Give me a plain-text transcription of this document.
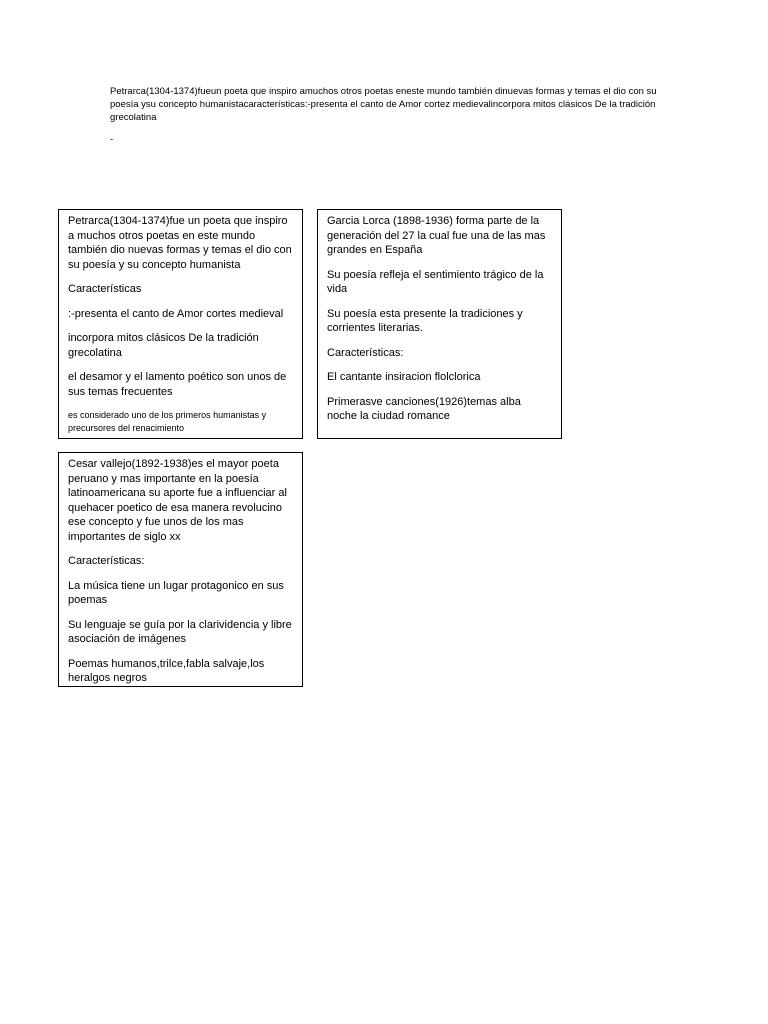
Petrarca(1304-1374)fueun poeta que inspiro amuchos otros poetas eneste mundo también dinuevas formas y temas el dio con su poesía ysu concepto humanistacaracterísticas:-presenta el canto de Amor cortez medievalincorpora mitos clásicos De la tradición grecolatina

-

Petrarca(1304-1374)fue un poeta que inspiro a muchos otros poetas en este mundo también dio nuevas formas y temas el dio con su poesía y su concepto humanista

Características

:-presenta el canto de Amor cortes medieval

incorpora mitos clásicos De la tradición grecolatina

el desamor y el lamento poético son unos de sus temas frecuentes

es considerado uno de los primeros humanistas y precursores del renacimiento

Garcia Lorca (1898-1936) forma parte de la generación del 27 la cual fue una de las mas grandes en España

Su poesía refleja el sentimiento trágico de la vida

Su poesía esta presente la tradiciones y corrientes literarias.

Características:

El cantante insiracion flolclorica

Primerasve canciones(1926)temas alba noche la ciudad romance

Cesar vallejo(1892-1938)es el mayor poeta peruano y mas importante en la poesía latinoamericana su aporte fue a influenciar al quehacer poetico de esa manera revolucino ese concepto y fue unos de los mas importantes de siglo xx

Características:

La música tiene un lugar protagonico en sus poemas

Su lenguaje se guía por la clarividencia y libre asociación de imágenes

Poemas humanos,trilce,fabla salvaje,los heralgos negros
